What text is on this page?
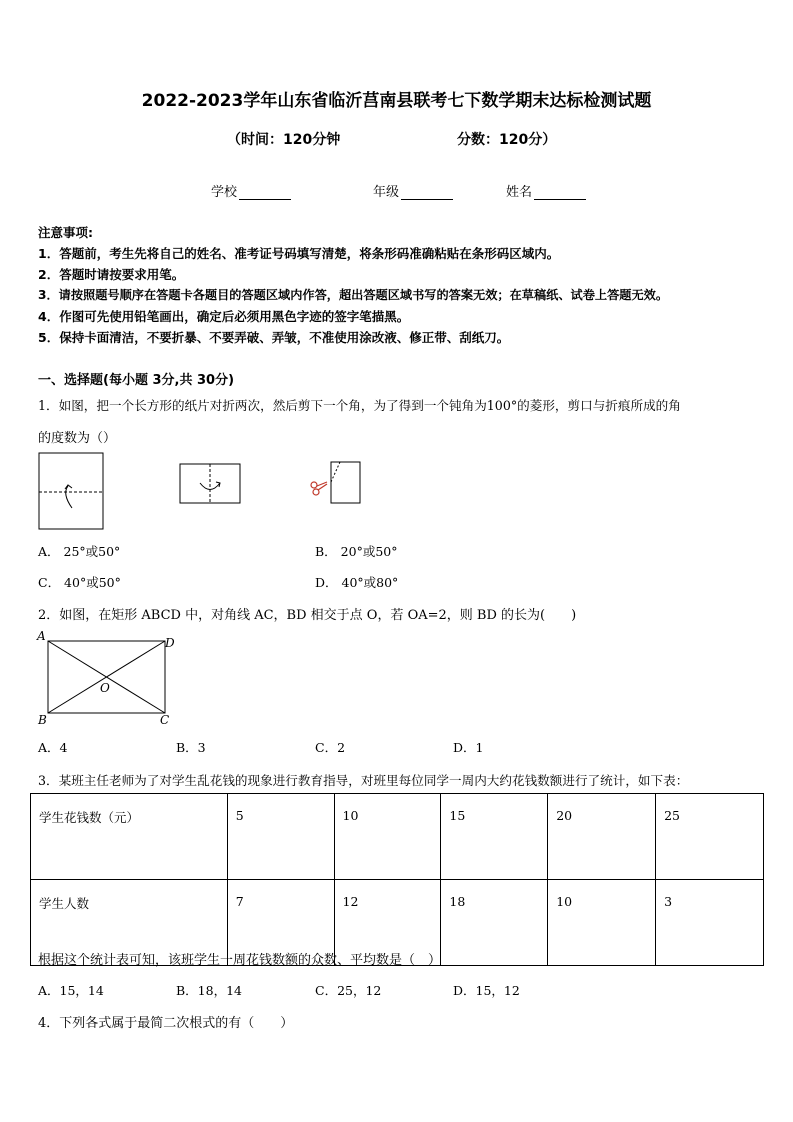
2022-2023学年山东省临沂莒南县联考七下数学期末达标检测试题
（时间：120分钟	分数：120分）
学校	年级	姓名
注意事项:
1．答题前，考生先将自己的姓名、准考证号码填写清楚，将条形码准确粘贴在条形码区域内。
2．答题时请按要求用笔。
3．请按照题号顺序在答题卡各题目的答题区域内作答，超出答题区域书写的答案无效；在草稿纸、试卷上答题无效。
4．作图可先使用铅笔画出，确定后必须用黑色字迹的签字笔描黑。
5．保持卡面清洁，不要折暴、不要弄破、弄皱，不准使用涂改液、修正带、刮纸刀。
一、选择题(每小题 3分,共 30分)
1．如图，把一个长方形的纸片对折两次，然后剪下一个角，为了得到一个钝角为100°的菱形，剪口与折痕所成的角
的度数为（）
A． 25°或50°	B． 20°或50°
C． 40°或50°	D． 40°或80°
2．如图，在矩形 ABCD 中，对角线 AC，BD 相交于点 O，若 OA=2，则 BD 的长为(　　)
A	D
O
B	C
A．4	B．3	C．2	D．1
3．某班主任老师为了对学生乱花钱的现象进行教育指导，对班里每位同学一周内大约花钱数额进行了统计，如下表：
学生花钱数（元）	5	10	15	20	25
学生人数	7	12	18	10	3
根据这个统计表可知，该班学生一周花钱数额的众数、平均数是（　）
A．15，14	B．18，14	C．25，12	D．15，12
4．下列各式属于最简二次根式的有（　　）
